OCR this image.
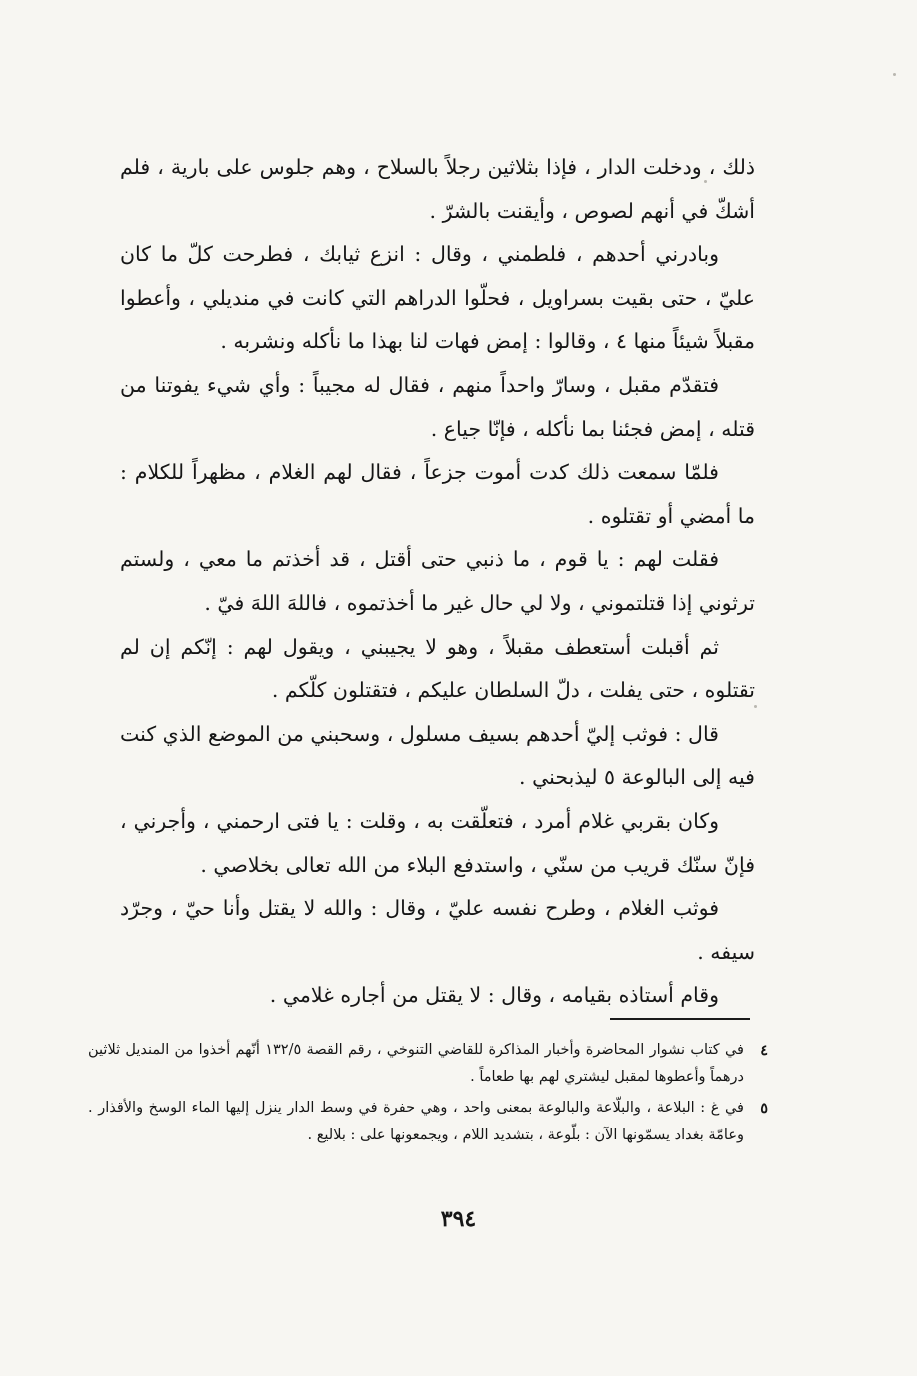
ذلك ، ودخلت الدار ، فإذا بثلاثين رجلاً بالسلاح ، وهم جلوس على بارية ، فلم أشكّ في أنهم لصوص ، وأيقنت بالشرّ .

وبادرني أحدهم ، فلطمني ، وقال : انزع ثيابك ، فطرحت كلّ ما كان عليّ ، حتى بقيت بسراويل ، فحلّوا الدراهم التي كانت في منديلي ، وأعطوا مقبلاً شيئاً منها ٤ ، وقالوا : إمض فهات لنا بهذا ما نأكله ونشربه .

فتقدّم مقبل ، وسارّ واحداً منهم ، فقال له مجيباً : وأي شيء يفوتنا من قتله ، إمض فجئنا بما نأكله ، فإنّا جياع .

فلمّا سمعت ذلك كدت أموت جزعاً ، فقال لهم الغلام ، مظهراً للكلام : ما أمضي أو تقتلوه .

فقلت لهم : يا قوم ، ما ذنبي حتى أقتل ، قد أخذتم ما معي ، ولستم ترثوني إذا قتلتموني ، ولا لي حال غير ما أخذتموه ، فاللهَ اللهَ فيّ .

ثم أقبلت أستعطف مقبلاً ، وهو لا يجيبني ، ويقول لهم : إنّكم إن لم تقتلوه ، حتى يفلت ، دلّ السلطان عليكم ، فتقتلون كلّكم .

قال : فوثب إليّ أحدهم بسيف مسلول ، وسحبني من الموضع الذي كنت فيه إلى البالوعة ٥ ليذبحني .

وكان بقربي غلام أمرد ، فتعلّقت به ، وقلت : يا فتى ارحمني ، وأجرني ، فإنّ سنّك قريب من سنّي ، واستدفع البلاء من الله تعالى بخلاصي .

فوثب الغلام ، وطرح نفسه عليّ ، وقال : والله لا يقتل وأنا حيّ ، وجرّد سيفه .

وقام أستاذه بقيامه ، وقال : لا يقتل من أجاره غلامي .

٤
في كتاب نشوار المحاضرة وأخبار المذاكرة للقاضي التنوخي ، رقم القصة ١٣٢/٥ أنّهم أخذوا من المنديل ثلاثين درهماً وأعطوها لمقبل ليشتري لهم بها طعاماً .
٥
في غ : البلاعة ، والبلّاعة والبالوعة بمعنى واحد ، وهي حفرة في وسط الدار ينزل إليها الماء الوسخ والأقذار . وعامّة بغداد يسمّونها الآن : بلّوعة ، بتشديد اللام ، ويجمعونها على : بلاليع .
٣٩٤
